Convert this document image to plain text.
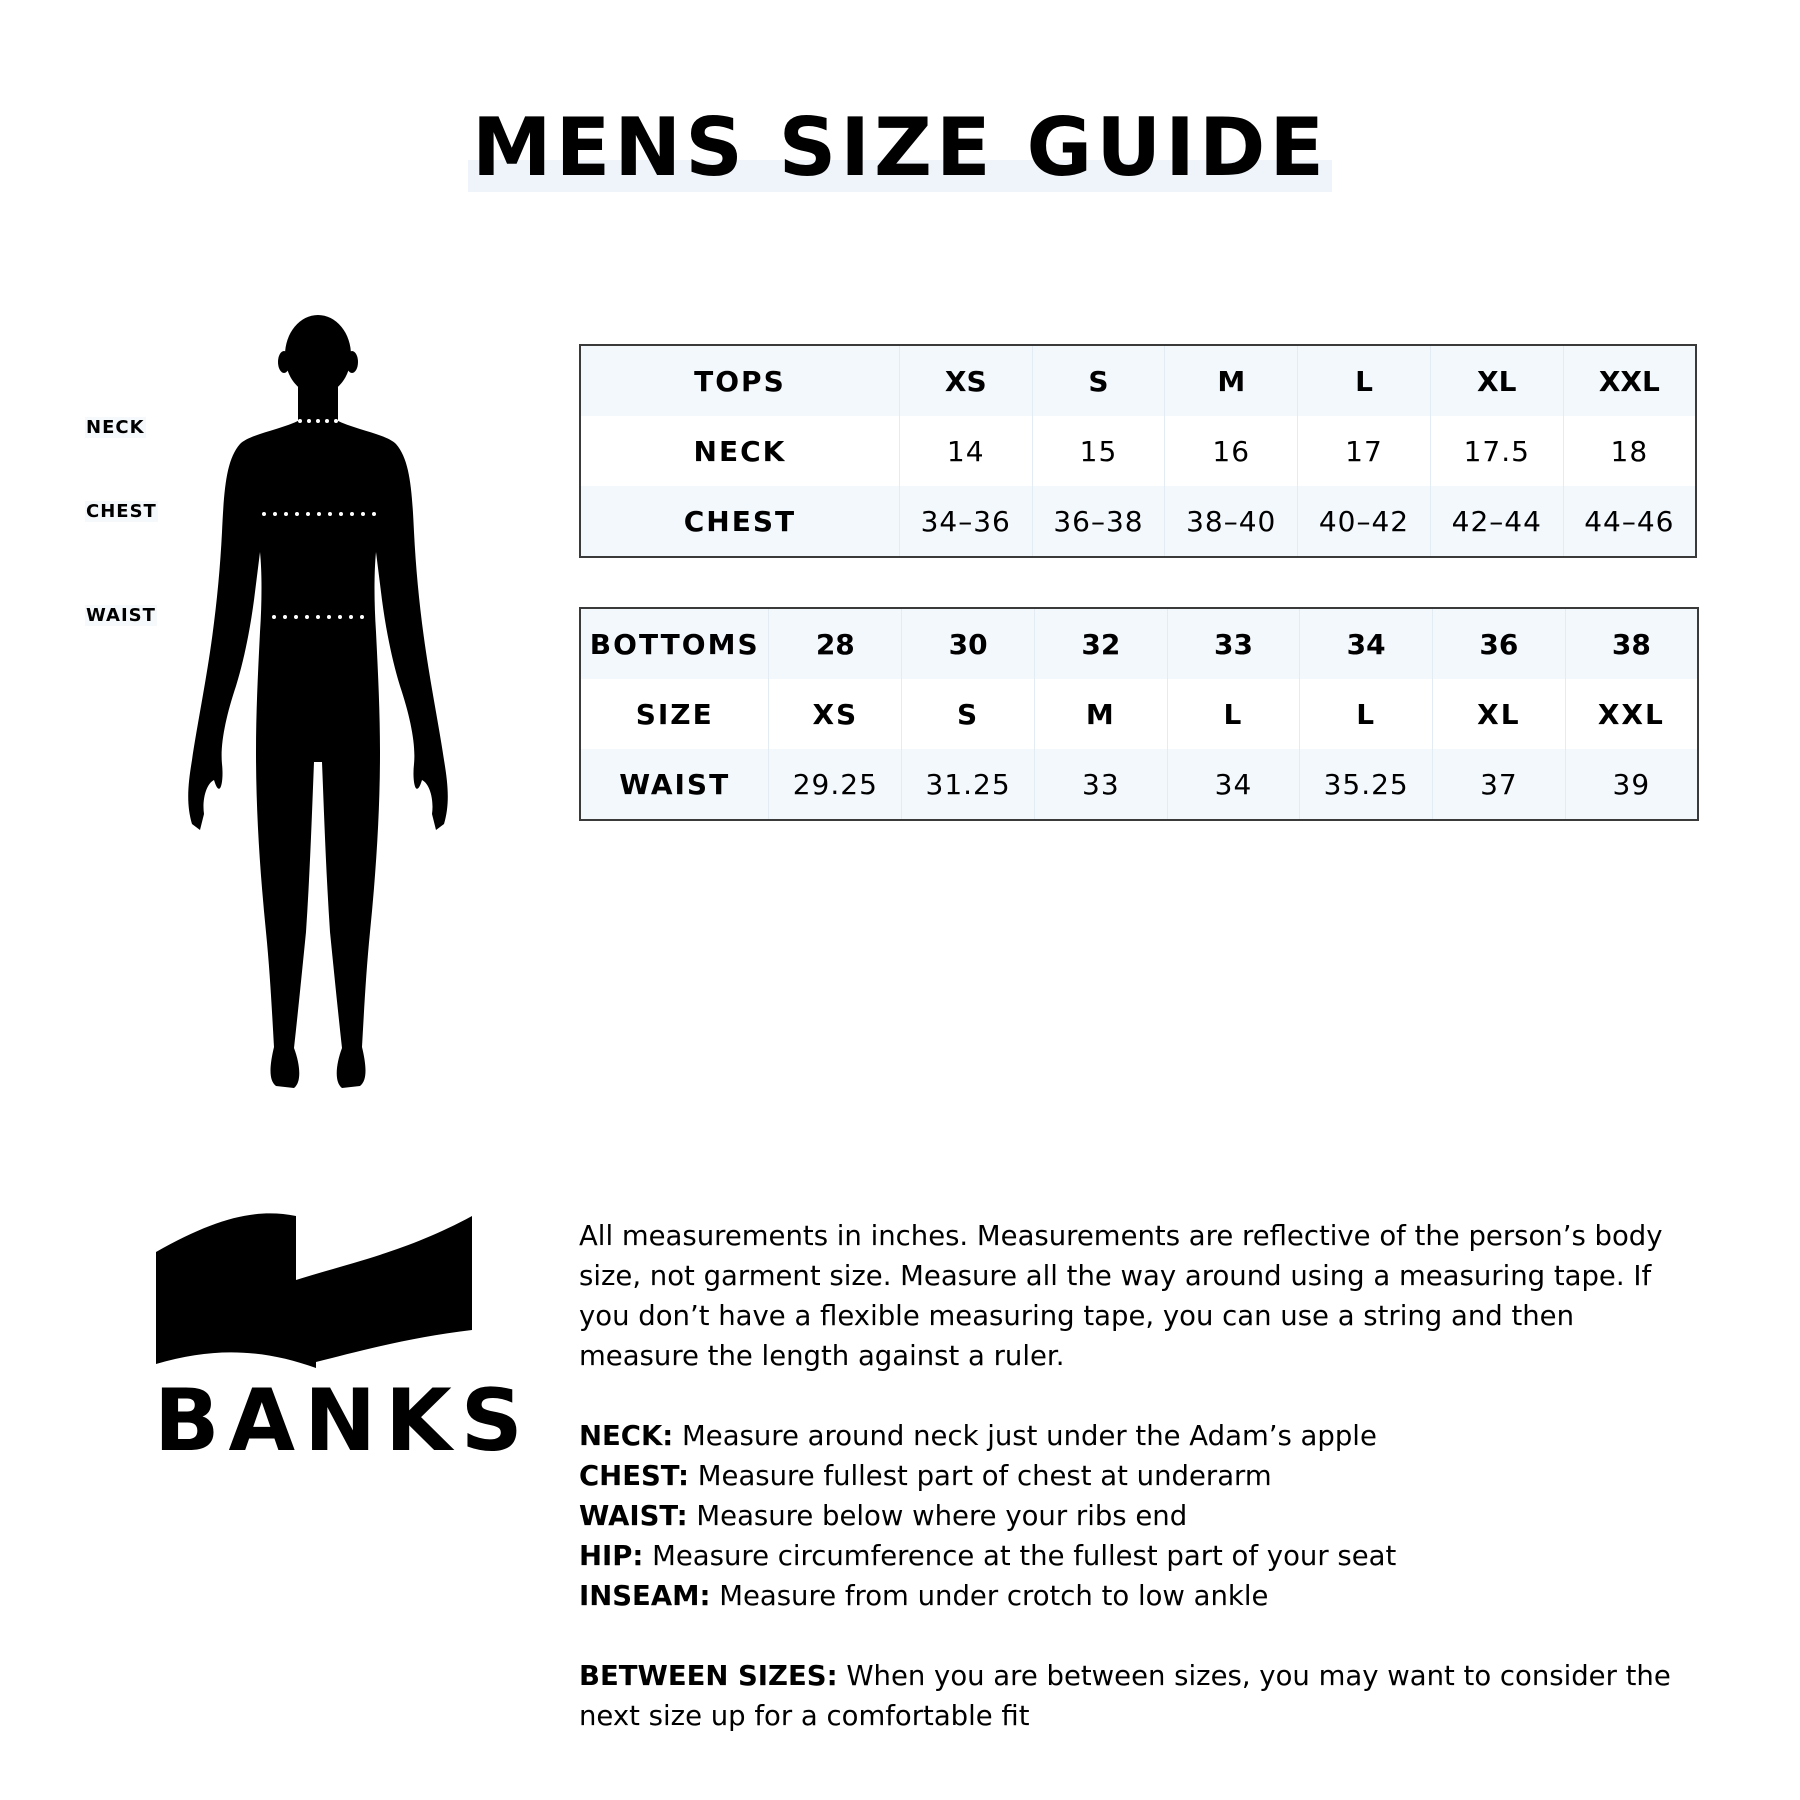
MENS SIZE GUIDE
NECK
CHEST
WAIST
TOPS	XS	S	M	L	XL	XXL
NECK	14	15	16	17	17.5	18
CHEST	34–36	36–38	38–40	40–42	42–44	44–46
BOTTOMS	28	30	32	33	34	36	38
SIZE	XS	S	M	L	L	XL	XXL
WAIST	29.25	31.25	33	34	35.25	37	39
BANKS

All measurements in inches. Measurements are reflective of the person’s body size, not garment size. Measure all the way around using a measuring tape. If you don’t have a flexible measuring tape, you can use a string and then measure the length against a ruler.

NECK: Measure around neck just under the Adam’s apple

CHEST: Measure fullest part of chest at underarm

WAIST: Measure below where your ribs end

HIP: Measure circumference at the fullest part of your seat

INSEAM: Measure from under crotch to low ankle

BETWEEN SIZES: When you are between sizes, you may want to consider the next size up for a comfortable fit
